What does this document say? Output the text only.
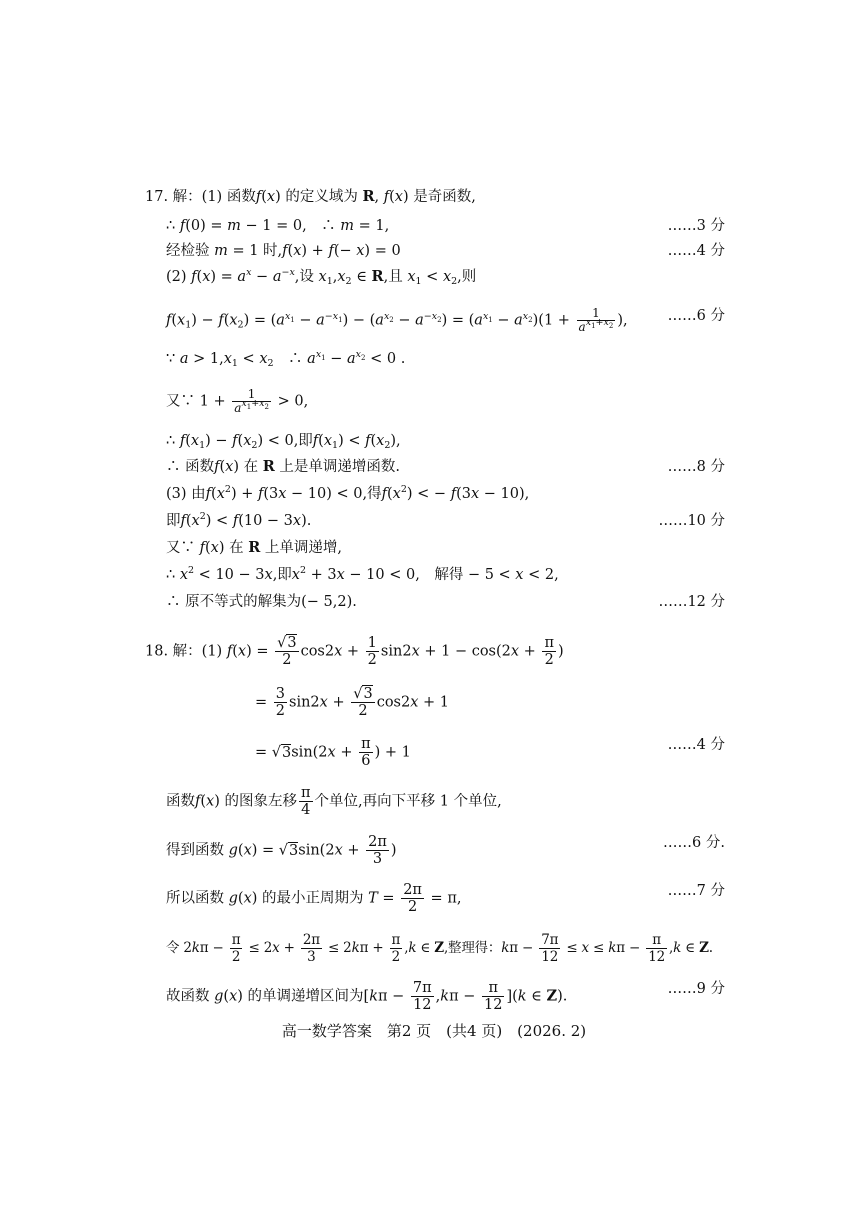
17. 解：(1) 函数f(x) 的定义域为 R, f(x) 是奇函数,
∴ f(0) = m − 1 = 0,　∴ m = 1,	……3 分
经检验 m = 1 时,f(x) + f(− x) = 0	……4 分
(2) $f(x) = a^x - a^{-x}$,设 $x_1,x_2$ ∈ R,且 $x_1 < x_2$,则
$f(x_1) - f(x_2) = (a^{x_1} - a^{-x_1}) - (a^{x_2} - a^{-x_2}) = (a^{x_1} - a^{x_2})(1 + \frac{1}{a^{x_1+x_2}}$ ),	……6 分
∵ $a > 1,x_1 < x_2$　∴ $a^{x_1} - a^{x_2} < 0$ .
又∵ $1 + \frac{1}{a^{x_1+x_2}} > 0$,
∴ $f(x_1) - f(x_2) < 0$,即$f(x_1) < f(x_2)$,
∴ 函数f(x) 在 R 上是单调递增函数.	……8 分
(3) 由$f(x^2) + f(3x - 10) < 0$,得$f(x^2)$ < − f(3x − 10),
即$f(x^2) < f(10 - 3x)$.	……10 分
又∵ f(x) 在 R 上单调递增,
∴ $x^2 < 10 - 3x$,即$x^2 + 3x - 10 < 0$,　解得 − 5 < x < 2,
∴ 原不等式的解集为(− 5,2).	……12 分
18. 解：(1) $f(x) = \frac{√3}{2} \cos 2x + \frac{1}{2} \sin 2x + 1 - \cos(2x + \frac{\pi}{2}$ )
= $\frac{3}{2} \sin 2x + \frac{√3}{2} \cos 2x + 1$
= $√3\sin(2x + \frac{\pi}{6}$ ) + 1	……4 分
函数f(x) 的图象左移 $\frac{\pi}{4}$ 个单位,再向下平移 1 个单位,
得到函数 $g(x) = √3\sin(2x + \frac{2\pi}{3}$ )	……6 分.
所以函数 g(x) 的最小正周期为 $T = \frac{2\pi}{2} = \pi$,	……7 分
令 $2k\pi - \frac{\pi}{2} \le 2x + \frac{2\pi}{3} \le 2k\pi + \frac{\pi}{2} ,k$ ∈ Z,整理得：$k\pi - \frac{7\pi}{12} \le x \le k\pi - \frac{\pi}{12} ,k$ ∈ Z.
故函数 g(x) 的单调递增区间为$[k\pi - \frac{7\pi}{12} ,k\pi - \frac{\pi}{12} ](k$ ∈ Z).	……9 分
高一数学答案　第2 页　(共4 页)　(2026. 2)
